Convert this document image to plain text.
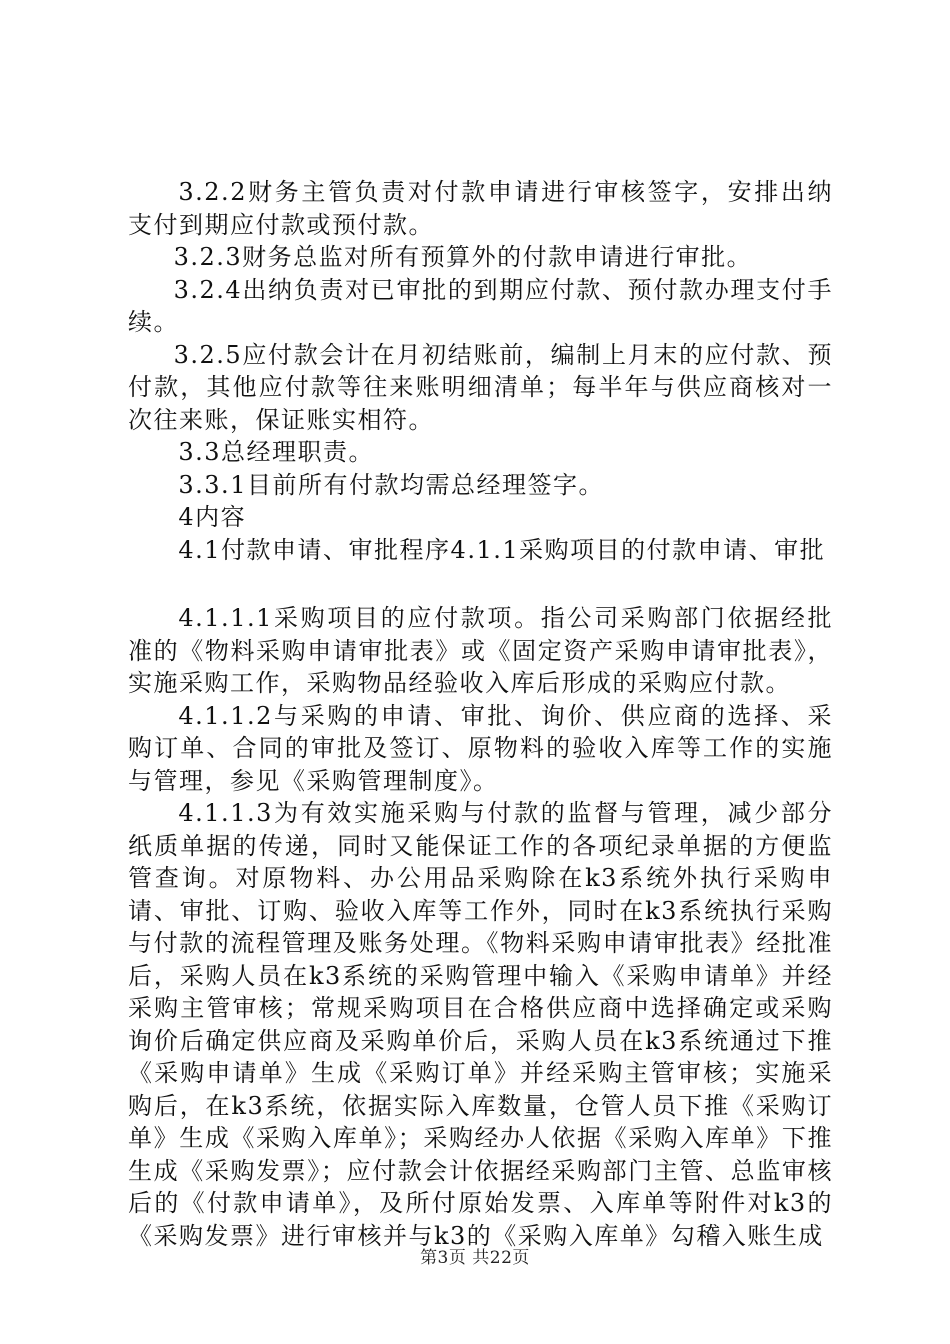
3.2.2财务主管负责对付款申请进行审核签字，安排出纳支付到期应付款或预付款。

3.2.3财务总监对所有预算外的付款申请进行审批。

3.2.4出纳负责对已审批的到期应付款、预付款办理支付手续。

3.2.5应付款会计在月初结账前，编制上月末的应付款、预付款，其他应付款等往来账明细清单；每半年与供应商核对一次往来账，保证账实相符。

3.3总经理职责。

3.3.1目前所有付款均需总经理签字。

4内容

4.1付款申请、审批程序4.1.1采购项目的付款申请、审批

4.1.1.1采购项目的应付款项。指公司采购部门依据经批准的《物料采购申请审批表》或《固定资产采购申请审批表》，实施采购工作，采购物品经验收入库后形成的采购应付款。

4.1.1.2与采购的申请、审批、询价、供应商的选择、采购订单、合同的审批及签订、原物料的验收入库等工作的实施与管理，参见《采购管理制度》。

4.1.1.3为有效实施采购与付款的监督与管理，减少部分纸质单据的传递，同时又能保证工作的各项纪录单据的方便监管查询。对原物料、办公用品采购除在k3系统外执行采购申请、审批、订购、验收入库等工作外，同时在k3系统执行采购与付款的流程管理及账务处理。《物料采购申请审批表》经批准后，采购人员在k3系统的采购管理中输入《采购申请单》并经采购主管审核；常规采购项目在合格供应商中选择确定或采购询价后确定供应商及采购单价后，采购人员在k3系统通过下推《采购申请单》生成《采购订单》并经采购主管审核；实施采购后，在k3系统，依据实际入库数量，仓管人员下推《采购订单》生成《采购入库单》；采购经办人依据《采购入库单》下推生成《采购发票》；应付款会计依据经采购部门主管、总监审核后的《付款申请单》，及所付原始发票、入库单等附件对k3的《采购发票》进行审核并与k3的《采购入库单》勾稽入账生成

第3页 共22页
